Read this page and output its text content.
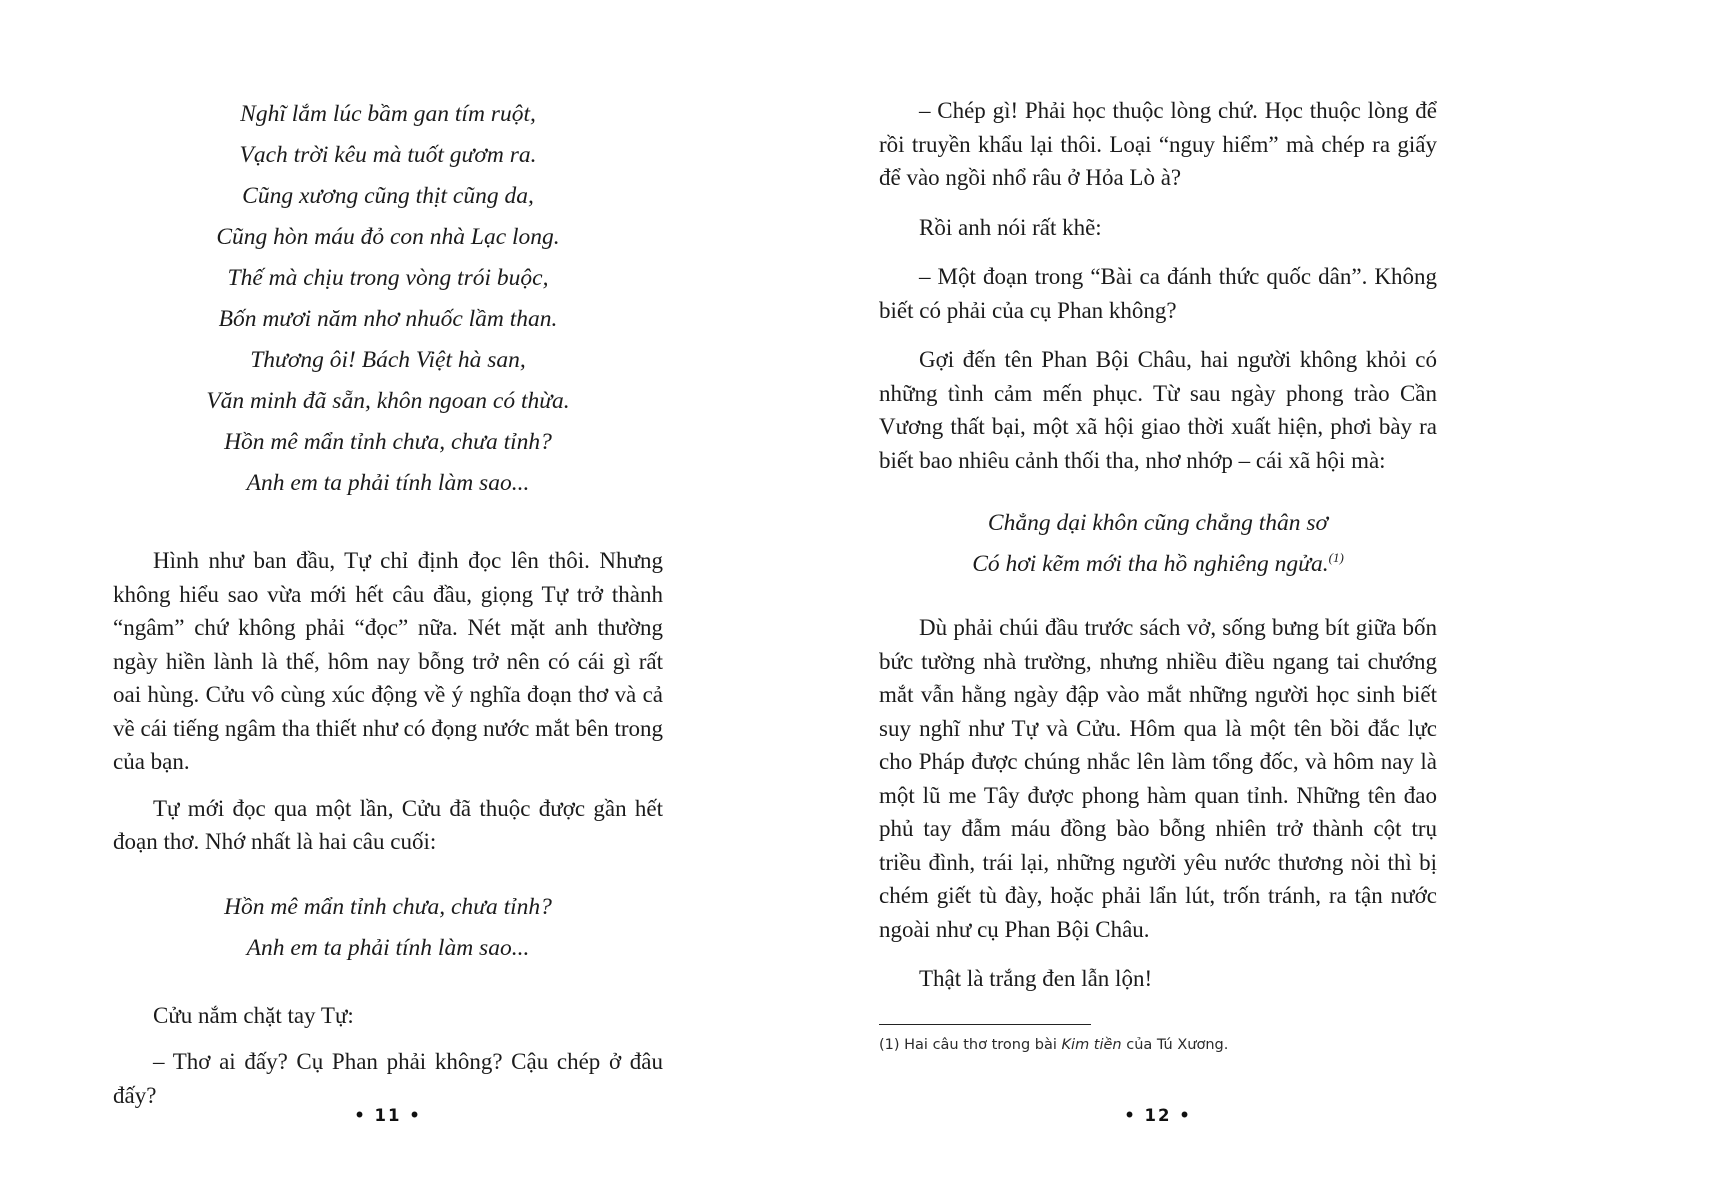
Nghĩ lắm lúc bầm gan tím ruột,
Vạch trời kêu mà tuốt gươm ra.
Cũng xương cũng thịt cũng da,
Cũng hòn máu đỏ con nhà Lạc long.
Thế mà chịu trong vòng trói buộc,
Bốn mươi năm nhơ nhuốc lầm than.
Thương ôi! Bách Việt hà san,
Văn minh đã sẵn, khôn ngoan có thừa.
Hồn mê mẩn tỉnh chưa, chưa tỉnh?
Anh em ta phải tính làm sao...

Hình như ban đầu, Tự chỉ định đọc lên thôi. Nhưng không hiểu sao vừa mới hết câu đầu, giọng Tự trở thành “ngâm” chứ không phải “đọc” nữa. Nét mặt anh thường ngày hiền lành là thế, hôm nay bỗng trở nên có cái gì rất oai hùng. Cửu vô cùng xúc động về ý nghĩa đoạn thơ và cả về cái tiếng ngâm tha thiết như có đọng nước mắt bên trong của bạn.

Tự mới đọc qua một lần, Cửu đã thuộc được gần hết đoạn thơ. Nhớ nhất là hai câu cuối:

Hồn mê mẩn tỉnh chưa, chưa tỉnh?
Anh em ta phải tính làm sao...

Cửu nắm chặt tay Tự:

– Thơ ai đấy? Cụ Phan phải không? Cậu chép ở đâu đấy?

• 11 •

– Chép gì! Phải học thuộc lòng chứ. Học thuộc lòng để rồi truyền khẩu lại thôi. Loại “nguy hiểm” mà chép ra giấy để vào ngồi nhổ râu ở Hỏa Lò à?

Rồi anh nói rất khẽ:

– Một đoạn trong “Bài ca đánh thức quốc dân”. Không biết có phải của cụ Phan không?

Gợi đến tên Phan Bội Châu, hai người không khỏi có những tình cảm mến phục. Từ sau ngày phong trào Cần Vương thất bại, một xã hội giao thời xuất hiện, phơi bày ra biết bao nhiêu cảnh thối tha, nhơ nhớp – cái xã hội mà:

Chẳng dại khôn cũng chẳng thân sơ
Có hơi kẽm mới tha hồ nghiêng ngửa.$^{(1)}$

Dù phải chúi đầu trước sách vở, sống bưng bít giữa bốn bức tường nhà trường, nhưng nhiều điều ngang tai chướng mắt vẫn hằng ngày đập vào mắt những người học sinh biết suy nghĩ như Tự và Cửu. Hôm qua là một tên bồi đắc lực cho Pháp được chúng nhắc lên làm tổng đốc, và hôm nay là một lũ me Tây được phong hàm quan tỉnh. Những tên đao phủ tay đẫm máu đồng bào bỗng nhiên trở thành cột trụ triều đình, trái lại, những người yêu nước thương nòi thì bị chém giết tù đày, hoặc phải lẩn lút, trốn tránh, ra tận nước ngoài như cụ Phan Bội Châu.

Thật là trắng đen lẫn lộn!

(1) Hai câu thơ trong bài Kim tiền của Tú Xương.
• 12 •
